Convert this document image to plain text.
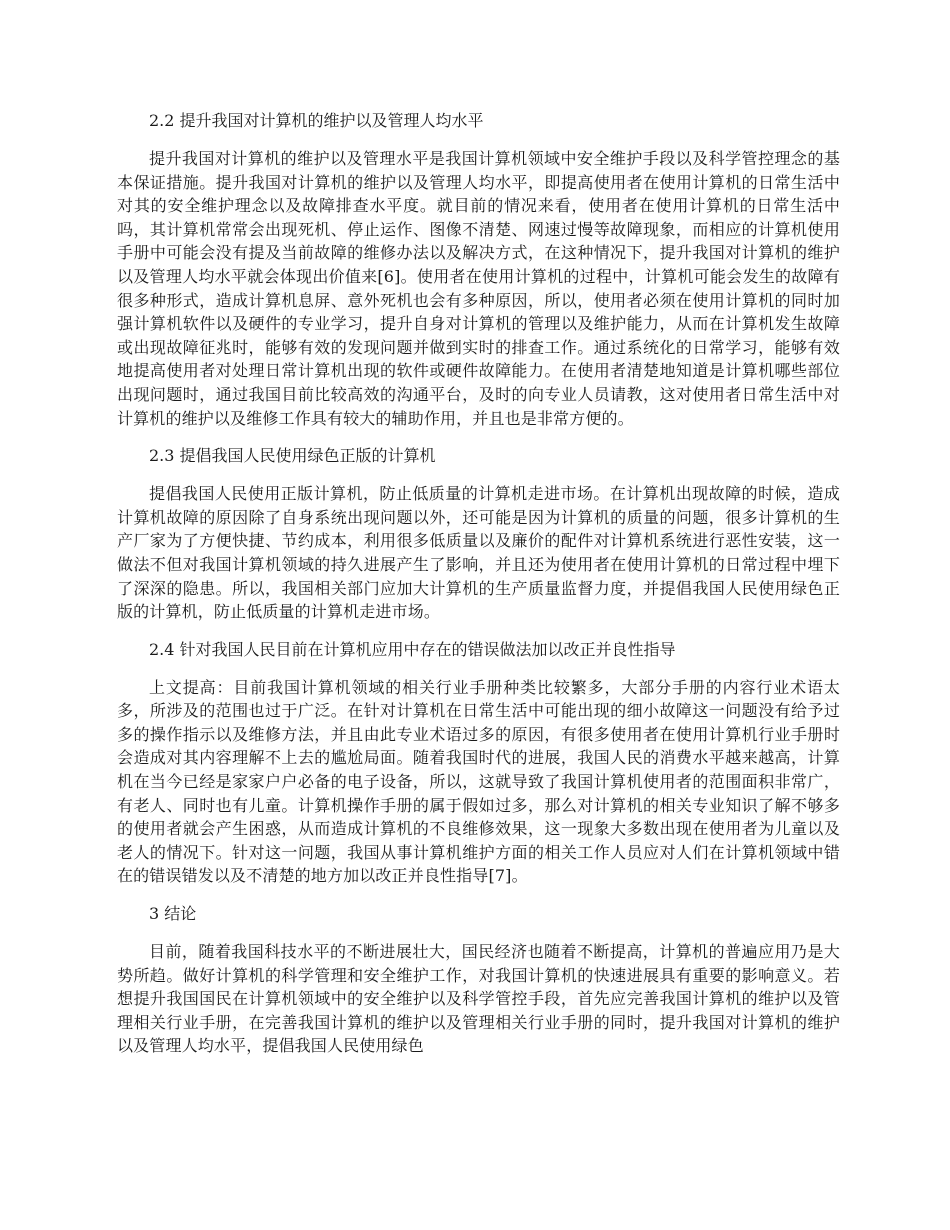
2.2 提升我国对计算机的维护以及管理人均水平

提升我国对计算机的维护以及管理水平是我国计算机领域中安全维护手段以及科学管控理念的基本保证措施。提升我国对计算机的维护以及管理人均水平，即提高使用者在使用计算机的日常生活中对其的安全维护理念以及故障排查水平度。就目前的情况来看，使用者在使用计算机的日常生活中吗，其计算机常常会出现死机、停止运作、图像不清楚、网速过慢等故障现象，而相应的计算机使用手册中可能会没有提及当前故障的维修办法以及解决方式，在这种情况下，提升我国对计算机的维护以及管理人均水平就会体现出价值来[6]。使用者在使用计算机的过程中，计算机可能会发生的故障有很多种形式，造成计算机息屏、意外死机也会有多种原因，所以，使用者必须在使用计算机的同时加强计算机软件以及硬件的专业学习，提升自身对计算机的管理以及维护能力，从而在计算机发生故障或出现故障征兆时，能够有效的发现问题并做到实时的排查工作。通过系统化的日常学习，能够有效地提高使用者对处理日常计算机出现的软件或硬件故障能力。在使用者清楚地知道是计算机哪些部位出现问题时，通过我国目前比较高效的沟通平台，及时的向专业人员请教，这对使用者日常生活中对计算机的维护以及维修工作具有较大的辅助作用，并且也是非常方便的。

2.3 提倡我国人民使用绿色正版的计算机

提倡我国人民使用正版计算机，防止低质量的计算机走进市场。在计算机出现故障的时候，造成计算机故障的原因除了自身系统出现问题以外，还可能是因为计算机的质量的问题，很多计算机的生产厂家为了方便快捷、节约成本，利用很多低质量以及廉价的配件对计算机系统进行恶性安装，这一做法不但对我国计算机领域的持久进展产生了影响，并且还为使用者在使用计算机的日常过程中埋下了深深的隐患。所以，我国相关部门应加大计算机的生产质量监督力度，并提倡我国人民使用绿色正版的计算机，防止低质量的计算机走进市场。

2.4 针对我国人民目前在计算机应用中存在的错误做法加以改正并良性指导

上文提高：目前我国计算机领域的相关行业手册种类比较繁多，大部分手册的内容行业术语太多，所涉及的范围也过于广泛。在针对计算机在日常生活中可能出现的细小故障这一问题没有给予过多的操作指示以及维修方法，并且由此专业术语过多的原因，有很多使用者在使用计算机行业手册时会造成对其内容理解不上去的尴尬局面。随着我国时代的进展，我国人民的消费水平越来越高，计算机在当今已经是家家户户必备的电子设备，所以，这就导致了我国计算机使用者的范围面积非常广，有老人、同时也有儿童。计算机操作手册的属于假如过多，那么对计算机的相关专业知识了解不够多的使用者就会产生困惑，从而造成计算机的不良维修效果，这一现象大多数出现在使用者为儿童以及老人的情况下。针对这一问题，我国从事计算机维护方面的相关工作人员应对人们在计算机领域中错在的错误错发以及不清楚的地方加以改正并良性指导[7]。

3 结论

目前，随着我国科技水平的不断进展壮大，国民经济也随着不断提高，计算机的普遍应用乃是大势所趋。做好计算机的科学管理和安全维护工作，对我国计算机的快速进展具有重要的影响意义。若想提升我国国民在计算机领域中的安全维护以及科学管控手段，首先应完善我国计算机的维护以及管理相关行业手册，在完善我国计算机的维护以及管理相关行业手册的同时，提升我国对计算机的维护以及管理人均水平，提倡我国人民使用绿色
